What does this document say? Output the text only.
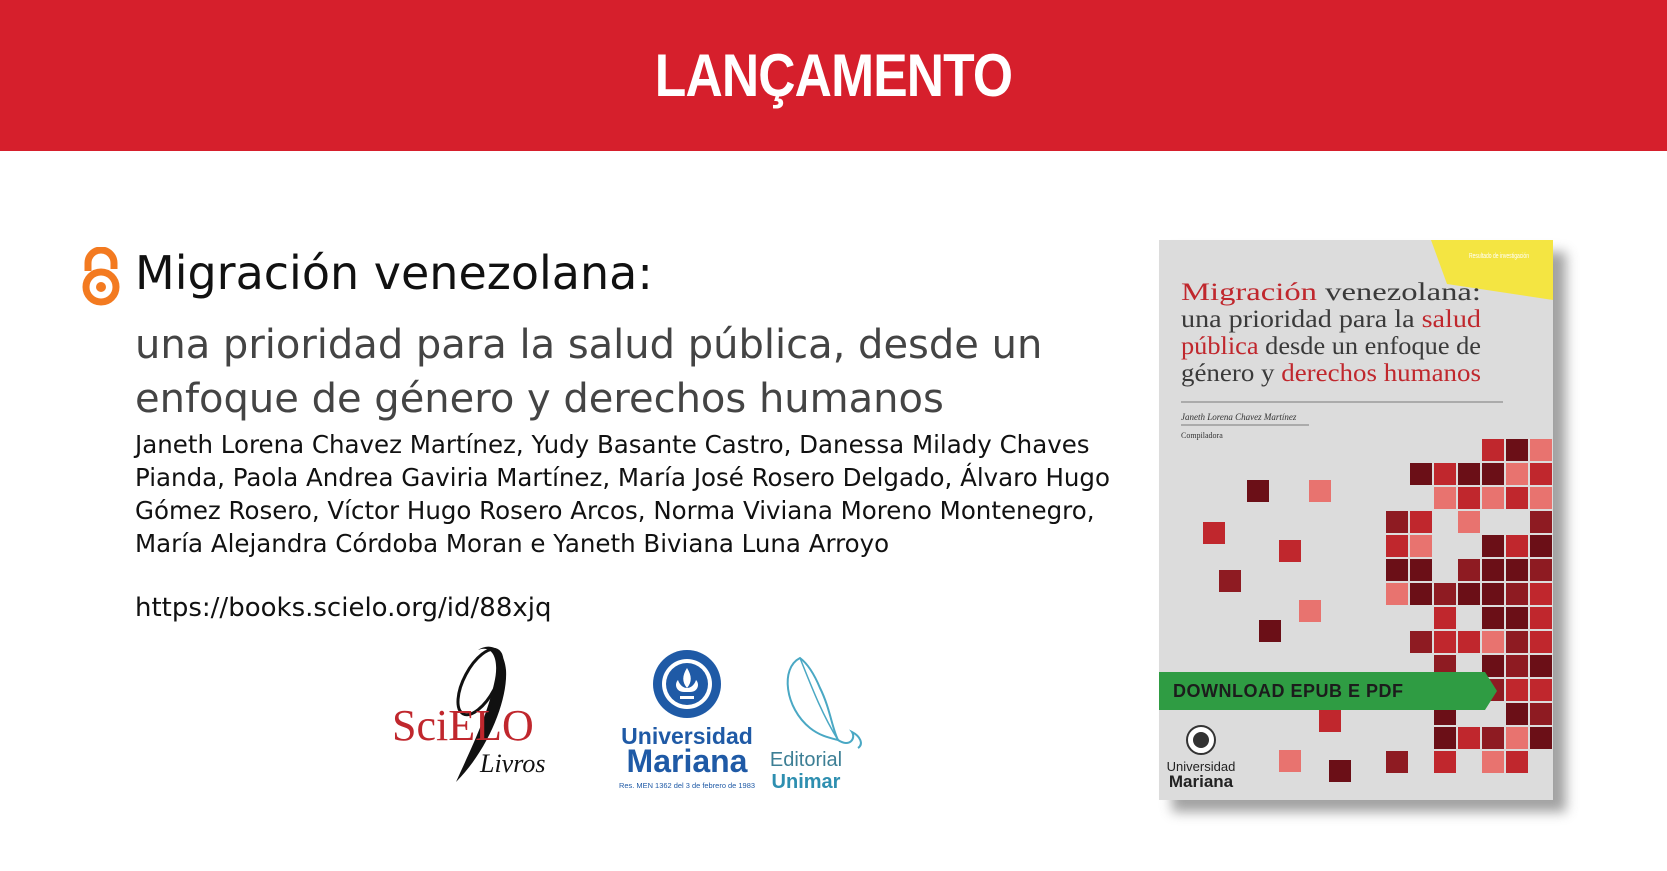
LANÇAMENTO
Migración venezolana:
una prioridad para la salud pública, desde un enfoque de género y derechos humanos
Janeth Lorena Chavez Martínez, Yudy Basante Castro, Danessa Milady Chaves Pianda, Paola Andrea Gaviria Martínez, María José Rosero Delgado, Álvaro Hugo Gómez Rosero, Víctor Hugo Rosero Arcos, Norma Viviana Moreno Montenegro, María Alejandra Córdoba Moran e Yaneth Biviana Luna Arroyo
https://books.scielo.org/id/88xjq
SciELO
Livros
Universidad
Mariana
Res. MEN 1362 del 3 de febrero de 1983
Editorial
Unimar
Resultado de investigación
Migración venezolana:
una prioridad para la salud
pública desde un enfoque de
género y derechos humanos
Janeth Lorena Chavez Martínez
Compiladora
Universidad
Mariana
DOWNLOAD EPUB E PDF
